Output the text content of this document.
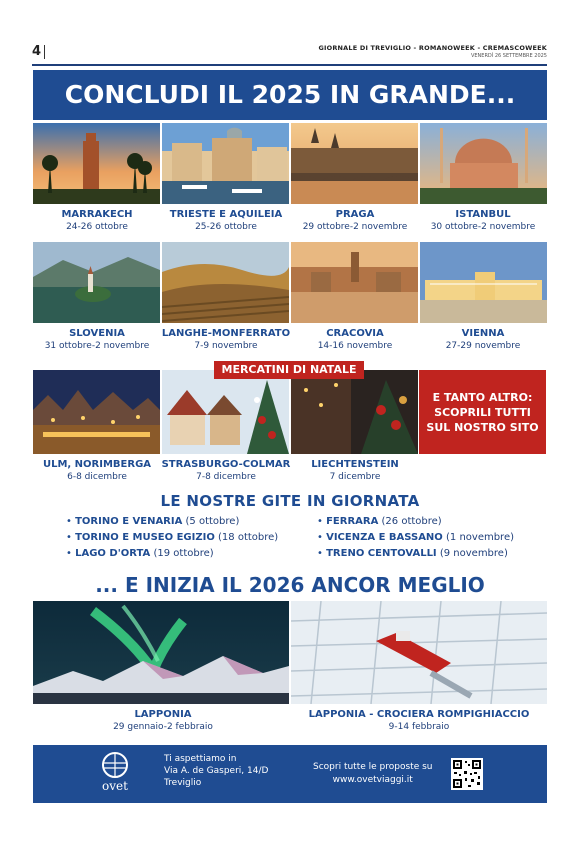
4	GIORNALE DI TREVIGLIO - ROMANOWEEK - CREMASCOWEEK
VENERDÌ 26 SETTEMBRE 2025
CONCLUDI IL 2025 IN GRANDE...
MARRAKECH
24-26 ottobre
TRIESTE E AQUILEIA
25-26 ottobre
PRAGA
29 ottobre-2 novembre
ISTANBUL
30 ottobre-2 novembre
SLOVENIA
31 ottobre-2 novembre
LANGHE-MONFERRATO
7-9 novembre
CRACOVIA
14-16 novembre
VIENNA
27-29 novembre
MERCATINI DI NATALE
E TANTO ALTRO:
SCOPRILI TUTTI
SUL NOSTRO SITO
ULM, NORIMBERGA
6-8 dicembre
STRASBURGO-COLMAR
7-8 dicembre
LIECHTENSTEIN
7 dicembre
LE NOSTRE GITE IN GIORNATA
• TORINO E VENARIA (5 ottobre)
• TORINO E MUSEO EGIZIO (18 ottobre)
• LAGO D'ORTA (19 ottobre)
• FERRARA (26 ottobre)
• VICENZA E BASSANO (1 novembre)
• TRENO CENTOVALLI (9 novembre)
... E INIZIA IL 2026 ANCOR MEGLIO
LAPPONIA
29 gennaio-2 febbraio
LAPPONIA - CROCIERA ROMPIGHIACCIO
9-14 febbraio
ovet
Ti aspettiamo in
Via A. de Gasperi, 14/D
Treviglio
Scopri tutte le proposte su
www.ovetviaggi.it
